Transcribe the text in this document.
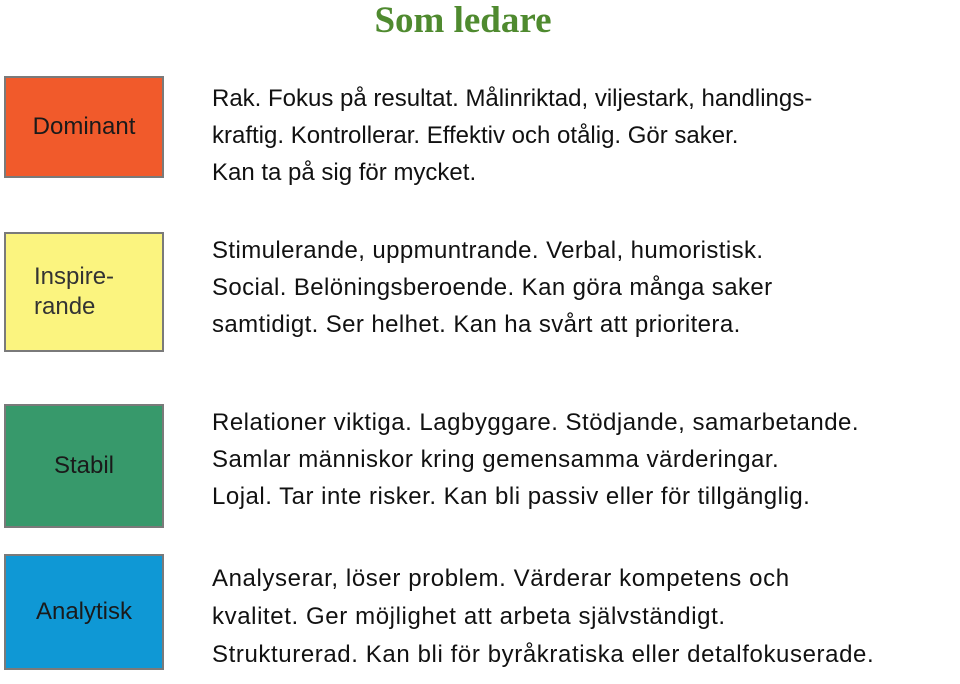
Som ledare
Dominant
Rak. Fokus på resultat. Målinriktad, viljestark, handlings-
kraftig. Kontrollerar. Effektiv och otålig. Gör saker.
Kan ta på sig för mycket.
Inspire-
rande
Stimulerande, uppmuntrande. Verbal, humoristisk.
Social. Belöningsberoende. Kan göra många saker
samtidigt. Ser helhet. Kan ha svårt att prioritera.
Stabil
Relationer viktiga. Lagbyggare. Stödjande, samarbetande.
Samlar människor kring gemensamma värderingar.
Lojal. Tar inte risker. Kan bli passiv eller för tillgänglig.
Analytisk
Analyserar, löser problem. Värderar kompetens och
kvalitet. Ger möjlighet att arbeta självständigt.
Strukturerad. Kan bli för byråkratiska eller detalfokuserade.
